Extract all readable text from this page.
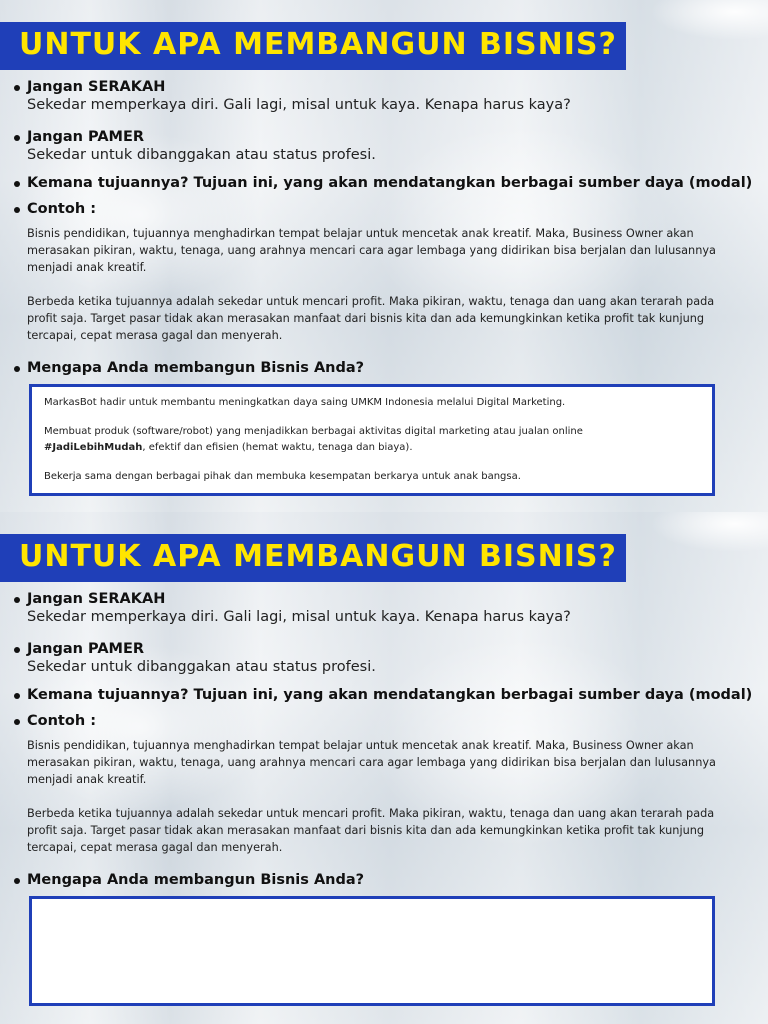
UNTUK APA MEMBANGUN BISNIS?
Jangan SERAKAH
Sekedar memperkaya diri. Gali lagi, misal untuk kaya. Kenapa harus kaya?
Jangan PAMER
Sekedar untuk dibanggakan atau status profesi.
Kemana tujuannya? Tujuan ini, yang akan mendatangkan berbagai sumber daya (modal)
Contoh :
Bisnis pendidikan, tujuannya menghadirkan tempat belajar untuk mencetak anak kreatif. Maka, Business Owner akan merasakan pikiran, waktu, tenaga, uang arahnya mencari cara agar lembaga yang didirikan bisa berjalan dan lulusannya menjadi anak kreatif.
Berbeda ketika tujuannya adalah sekedar untuk mencari profit. Maka pikiran, waktu, tenaga dan uang akan terarah pada profit saja. Target pasar tidak akan merasakan manfaat dari bisnis kita dan ada kemungkinkan ketika profit tak kunjung tercapai, cepat merasa gagal dan menyerah.
Mengapa Anda membangun Bisnis Anda?
MarkasBot hadir untuk membantu meningkatkan daya saing UMKM Indonesia melalui Digital Marketing.
Membuat produk (software/robot) yang menjadikkan berbagai aktivitas digital marketing atau jualan online
#JadiLebihMudah, efektif dan efisien (hemat waktu, tenaga dan biaya).
Bekerja sama dengan berbagai pihak dan membuka kesempatan berkarya untuk anak bangsa.
UNTUK APA MEMBANGUN BISNIS?
Jangan SERAKAH
Sekedar memperkaya diri. Gali lagi, misal untuk kaya. Kenapa harus kaya?
Jangan PAMER
Sekedar untuk dibanggakan atau status profesi.
Kemana tujuannya? Tujuan ini, yang akan mendatangkan berbagai sumber daya (modal)
Contoh :
Bisnis pendidikan, tujuannya menghadirkan tempat belajar untuk mencetak anak kreatif. Maka, Business Owner akan merasakan pikiran, waktu, tenaga, uang arahnya mencari cara agar lembaga yang didirikan bisa berjalan dan lulusannya menjadi anak kreatif.
Berbeda ketika tujuannya adalah sekedar untuk mencari profit. Maka pikiran, waktu, tenaga dan uang akan terarah pada profit saja. Target pasar tidak akan merasakan manfaat dari bisnis kita dan ada kemungkinkan ketika profit tak kunjung tercapai, cepat merasa gagal dan menyerah.
Mengapa Anda membangun Bisnis Anda?
